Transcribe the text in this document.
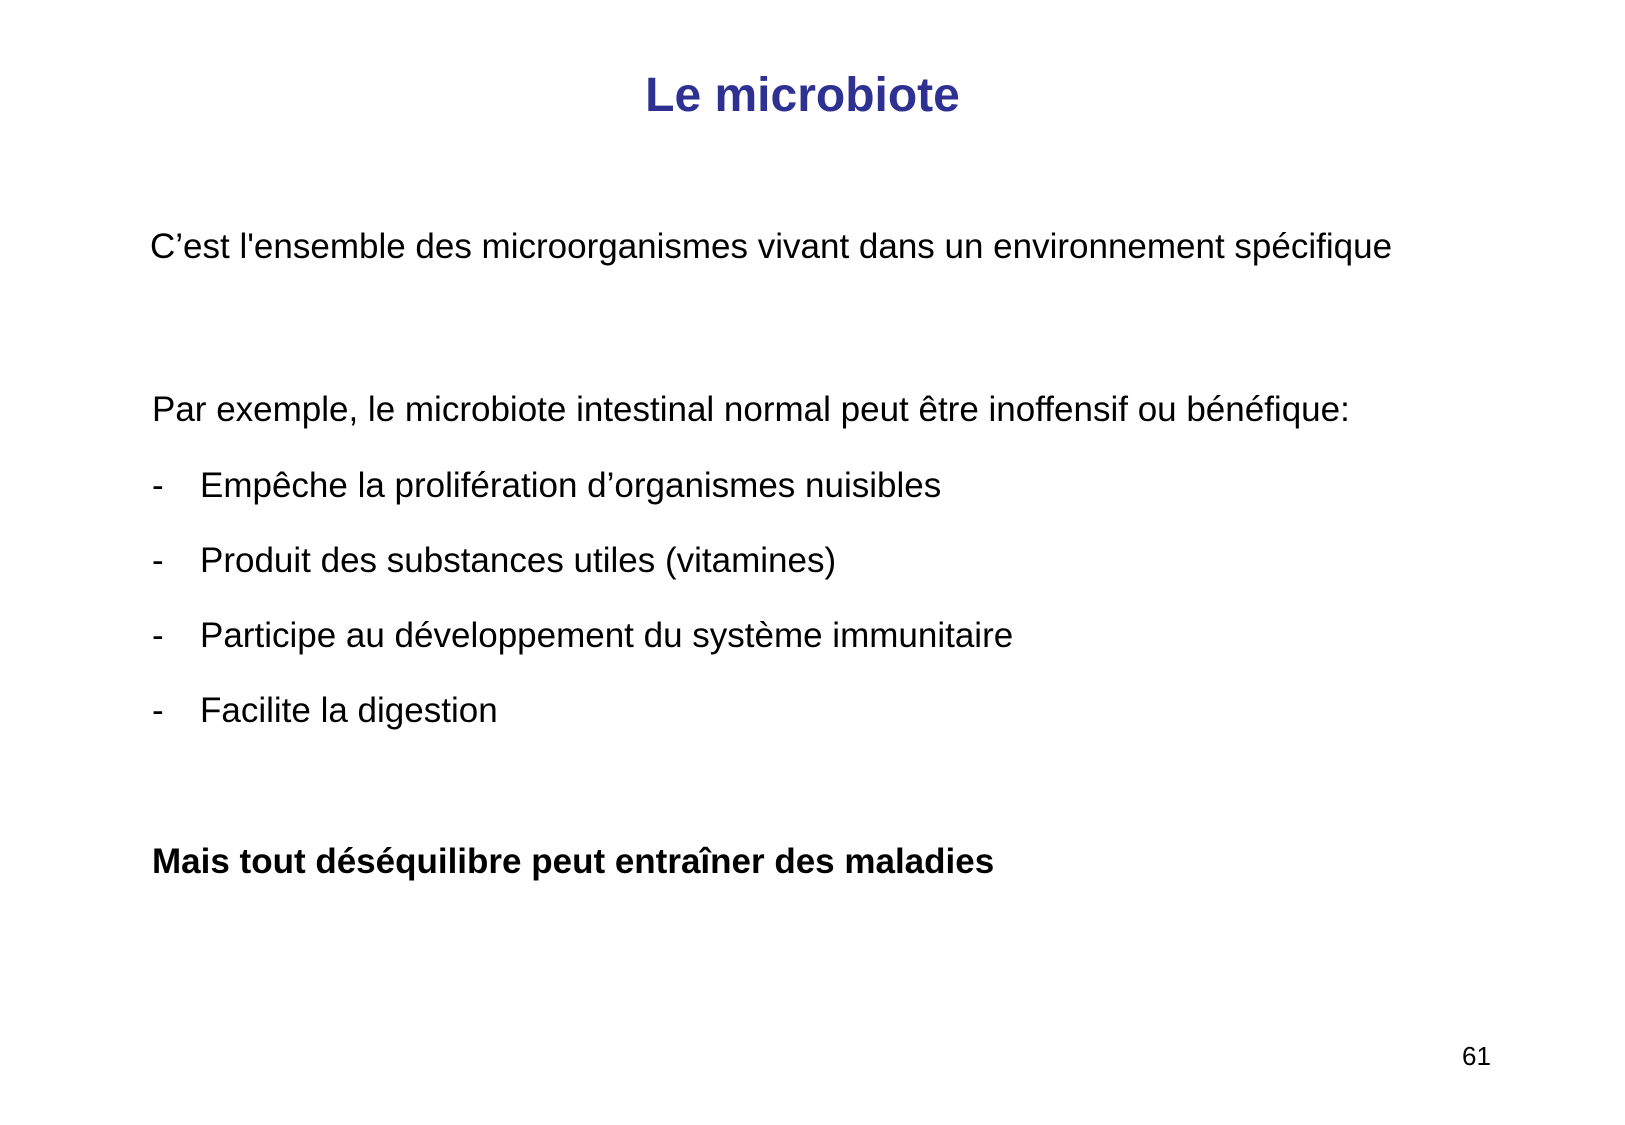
Le microbiote
C’est l'ensemble des microorganismes vivant dans un environnement spécifique
Par exemple, le microbiote intestinal normal peut être inoffensif ou bénéfique:
- Empêche la prolifération d’organismes nuisibles
- Produit des substances utiles (vitamines)
- Participe au développement du système immunitaire
- Facilite la digestion
Mais tout déséquilibre peut entraîner des maladies
61
